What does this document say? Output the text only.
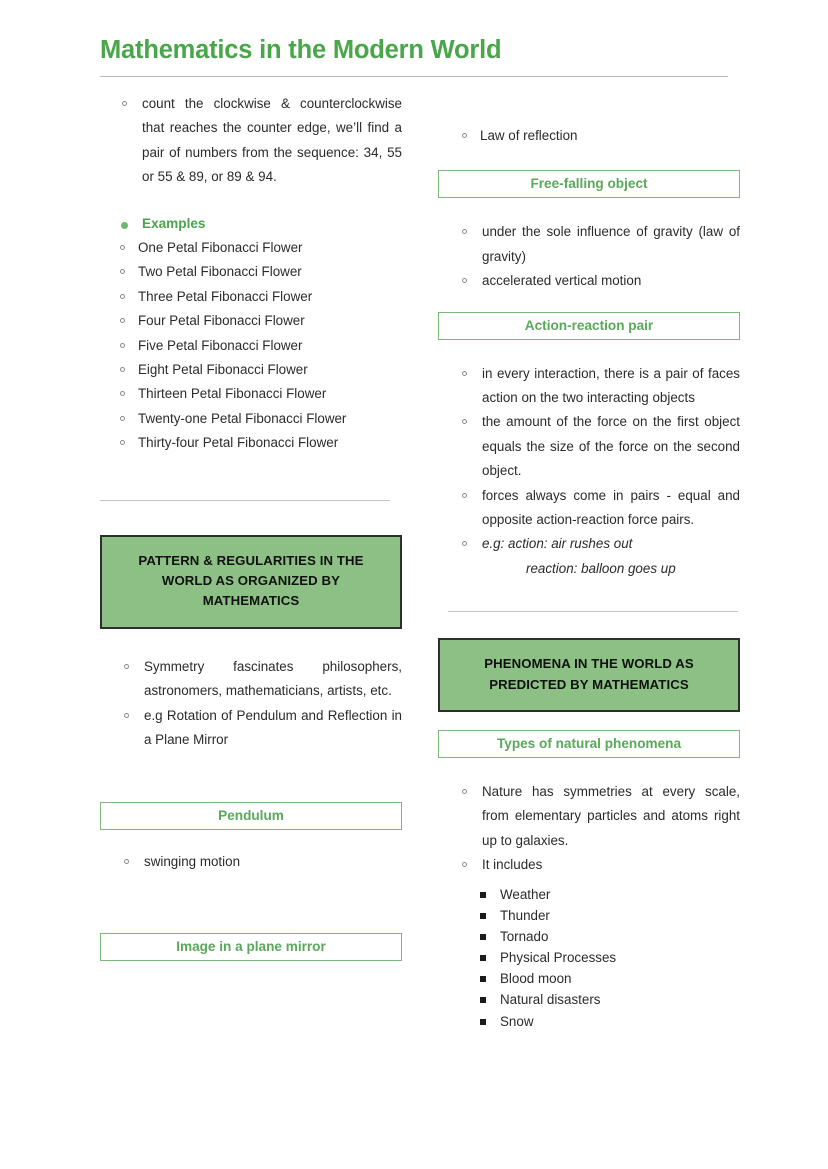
Mathematics in the Modern World
count the clockwise & counterclockwise that reaches the counter edge, we’ll find a pair of numbers from the sequence: 34, 55 or 55 & 89, or 89 & 94.
Examples
One Petal Fibonacci Flower
Two Petal Fibonacci Flower
Three Petal Fibonacci Flower
Four Petal Fibonacci Flower
Five Petal Fibonacci Flower
Eight Petal Fibonacci Flower
Thirteen Petal Fibonacci Flower
Twenty-one Petal Fibonacci Flower
Thirty-four Petal Fibonacci Flower
PATTERN & REGULARITIES IN THE WORLD AS ORGANIZED BY MATHEMATICS
Symmetry fascinates philosophers, astronomers, mathematicians, artists, etc.
e.g Rotation of Pendulum and Reflection in a Plane Mirror
Pendulum
swinging motion
Image in a plane mirror
Law of reflection
Free-falling object
under the sole influence of gravity (law of gravity)
accelerated vertical motion
Action-reaction pair
in every interaction, there is a pair of faces action on the two interacting objects
the amount of the force on the first object equals the size of the force on the second object.
forces always come in pairs - equal and opposite action-reaction force pairs.
e.g: action: air rushes out
reaction: balloon goes up
PHENOMENA IN THE WORLD AS PREDICTED BY MATHEMATICS
Types of natural phenomena
Nature has symmetries at every scale, from elementary particles and atoms right up to galaxies.
It includes
Weather
Thunder
Tornado
Physical Processes
Blood moon
Natural disasters
Snow
